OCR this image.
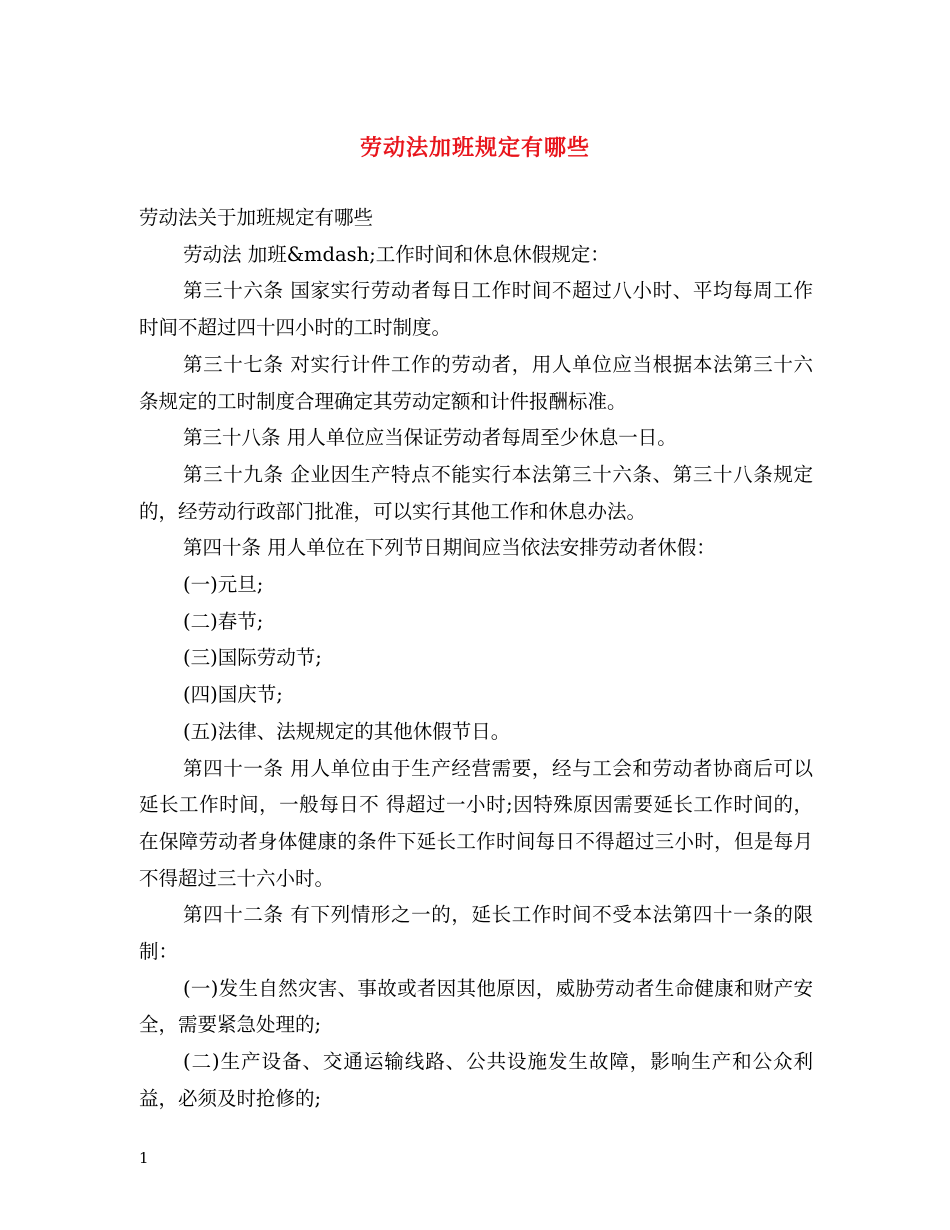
劳动法加班规定有哪些

劳动法关于加班规定有哪些

劳动法 加班&mdash;工作时间和休息休假规定：

第三十六条 国家实行劳动者每日工作时间不超过八小时、平均每周工作时间不超过四十四小时的工时制度。

第三十七条 对实行计件工作的劳动者，用人单位应当根据本法第三十六条规定的工时制度合理确定其劳动定额和计件报酬标准。

第三十八条 用人单位应当保证劳动者每周至少休息一日。

第三十九条 企业因生产特点不能实行本法第三十六条、第三十八条规定的，经劳动行政部门批准，可以实行其他工作和休息办法。

第四十条 用人单位在下列节日期间应当依法安排劳动者休假：

(一)元旦;

(二)春节;

(三)国际劳动节;

(四)国庆节;

(五)法律、法规规定的其他休假节日。

第四十一条 用人单位由于生产经营需要，经与工会和劳动者协商后可以延长工作时间，一般每日不 得超过一小时;因特殊原因需要延长工作时间的，在保障劳动者身体健康的条件下延长工作时间每日不得超过三小时，但是每月不得超过三十六小时。

第四十二条 有下列情形之一的，延长工作时间不受本法第四十一条的限制：

(一)发生自然灾害、事故或者因其他原因，威胁劳动者生命健康和财产安全，需要紧急处理的;

(二)生产设备、交通运输线路、公共设施发生故障，影响生产和公众利益，必须及时抢修的;

1
